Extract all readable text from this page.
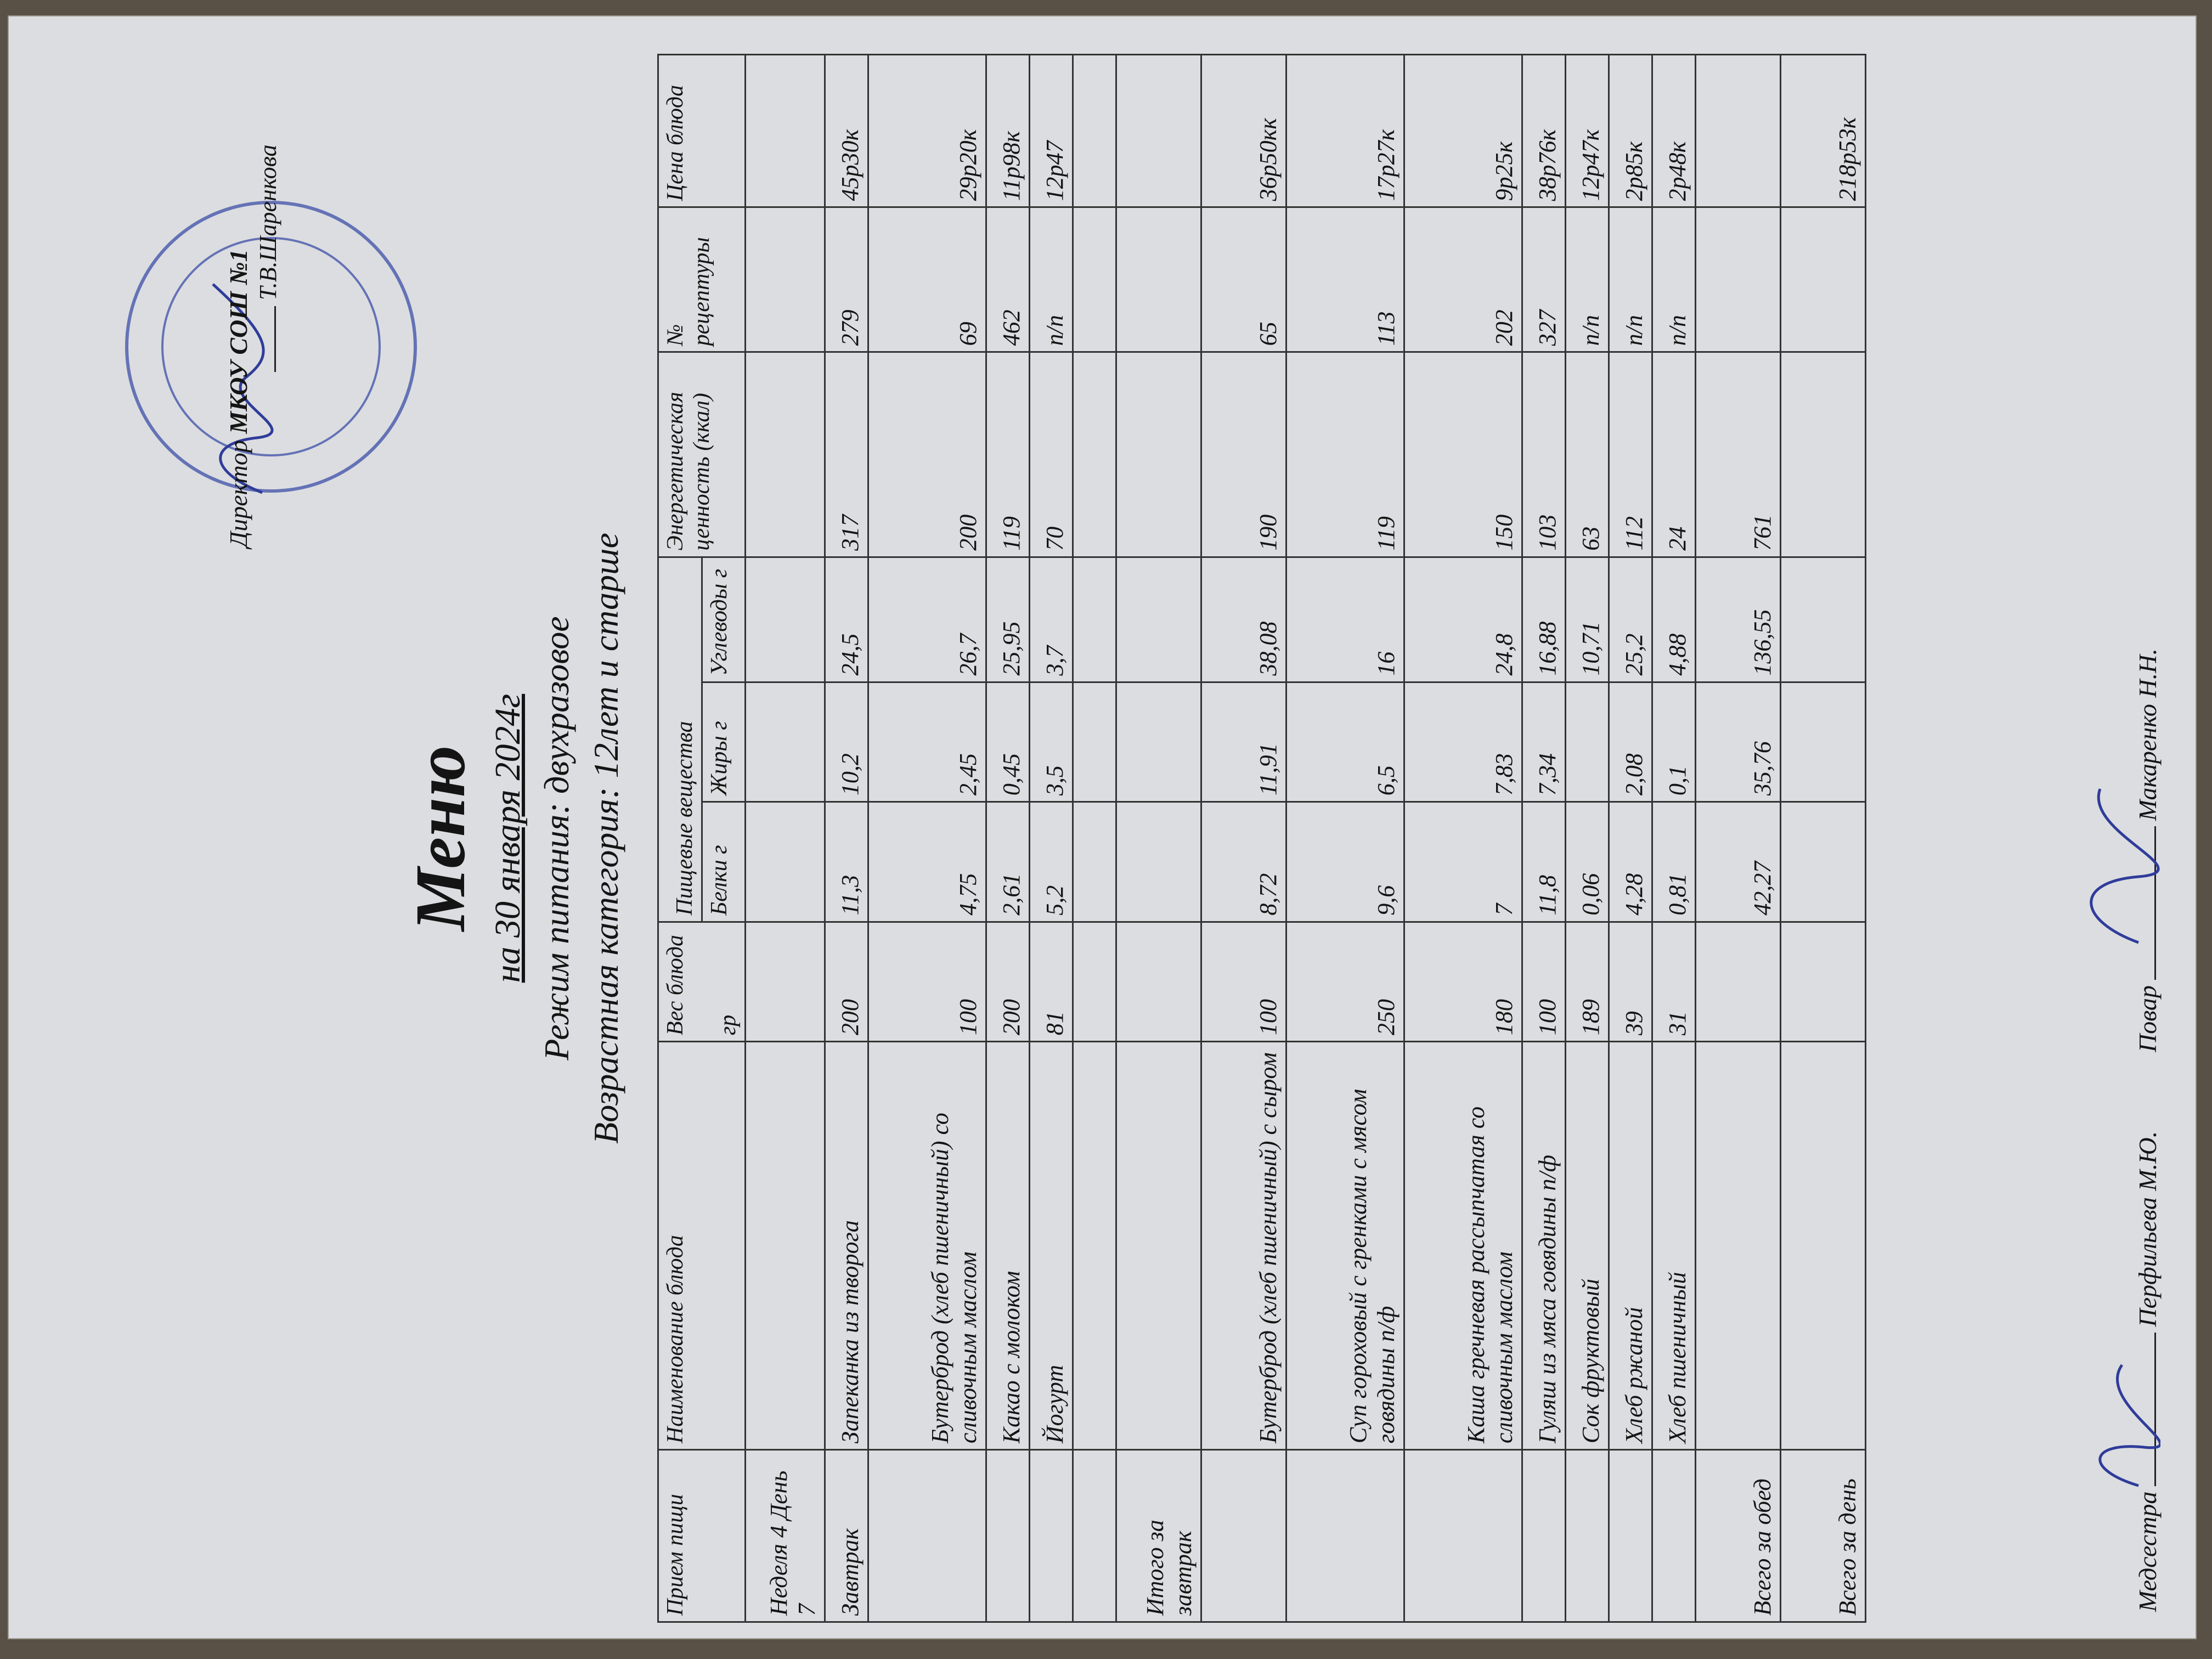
Директор МКОУ СОШ №1
Т.В.Шаренкова
Меню на 30 января 2024г Режим питания: двухразовое Возрастная категория: 12лет и старше
Прием пищи	Наименование блюда	Вес блюда гр	Пищевые вещества			Энергетическая ценность (ккал)	№ рецептуры	Цена блюда
			Белки г	Жиры г	Углеводы г			
Неделя 4 День 7								
Завтрак	Запеканка из творога	200	11,3	10,2	24,5	317	279	45р30к
	Бутерброд (хлеб пшеничный) со сливочным маслом	100	4,75	2,45	26,7	200	69	29р20к
	Какао с молоком	200	2,61	0,45	25,95	119	462	11р98к
	Йогурт	81	5,2	3,5	3,7	70	п/п	12р47

Итого за завтрак								
	Бутерброд (хлеб пшеничный) с сыром	100	8,72	11,91	38,08	190	65	36р50кк
	Суп гороховый с гренками с мясом говядины п/ф	250	9,6	6,5	16	119	113	17р27к
	Каша гречневая рассыпчатая со сливочным маслом	180	7	7,83	24,8	150	202	9р25к
	Гуляш из мяса говядины п/ф	100	11,8	7,34	16,88	103	327	38р76к
	Сок фруктовый	189	0,06		10,71	63	п/п	12р47к
	Хлеб ржаной	39	4,28	2,08	25,2	112	п/п	2р85к
	Хлеб пшеничный	31	0,81	0,1	4,88	24	п/п	2р48к
Всего за обед			42,27	35,76	136,55	761		
Всего за день								218р53к
МедсестраПерфильева М.Ю.
ПоварМакаренко Н.Н.
